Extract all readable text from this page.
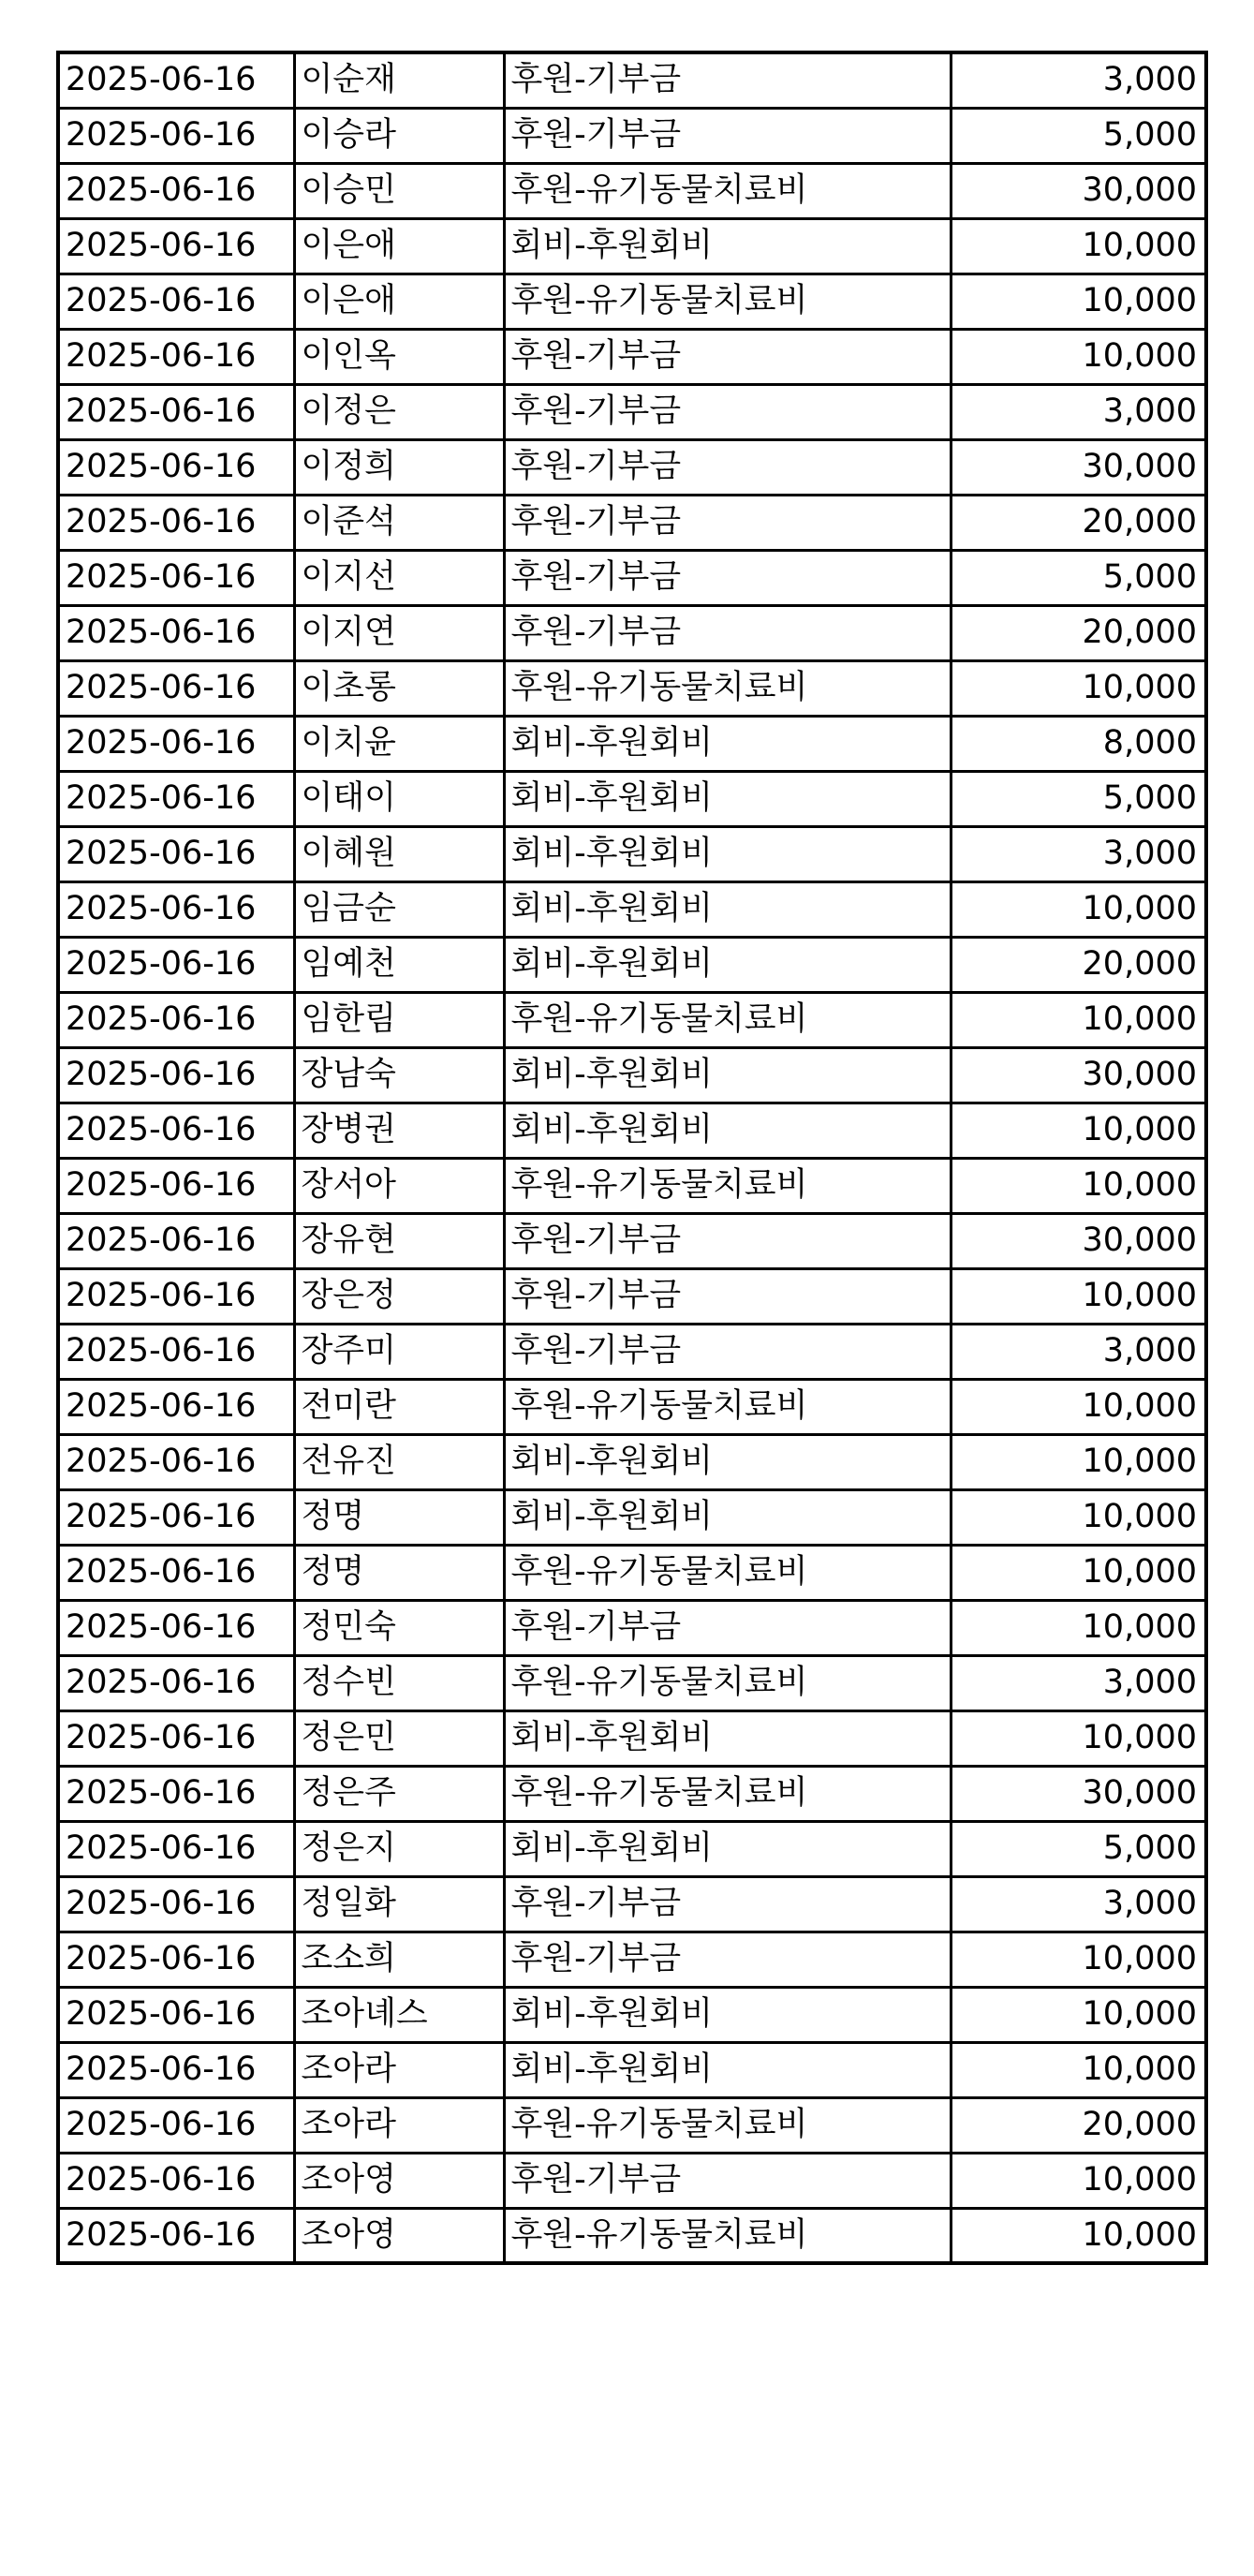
2025-06-16	이순재	후원-기부금	3,000
2025-06-16	이승라	후원-기부금	5,000
2025-06-16	이승민	후원-유기동물치료비	30,000
2025-06-16	이은애	회비-후원회비	10,000
2025-06-16	이은애	후원-유기동물치료비	10,000
2025-06-16	이인옥	후원-기부금	10,000
2025-06-16	이정은	후원-기부금	3,000
2025-06-16	이정희	후원-기부금	30,000
2025-06-16	이준석	후원-기부금	20,000
2025-06-16	이지선	후원-기부금	5,000
2025-06-16	이지연	후원-기부금	20,000
2025-06-16	이초롱	후원-유기동물치료비	10,000
2025-06-16	이치윤	회비-후원회비	8,000
2025-06-16	이태이	회비-후원회비	5,000
2025-06-16	이혜원	회비-후원회비	3,000
2025-06-16	임금순	회비-후원회비	10,000
2025-06-16	임예천	회비-후원회비	20,000
2025-06-16	임한림	후원-유기동물치료비	10,000
2025-06-16	장남숙	회비-후원회비	30,000
2025-06-16	장병권	회비-후원회비	10,000
2025-06-16	장서아	후원-유기동물치료비	10,000
2025-06-16	장유현	후원-기부금	30,000
2025-06-16	장은정	후원-기부금	10,000
2025-06-16	장주미	후원-기부금	3,000
2025-06-16	전미란	후원-유기동물치료비	10,000
2025-06-16	전유진	회비-후원회비	10,000
2025-06-16	정명	회비-후원회비	10,000
2025-06-16	정명	후원-유기동물치료비	10,000
2025-06-16	정민숙	후원-기부금	10,000
2025-06-16	정수빈	후원-유기동물치료비	3,000
2025-06-16	정은민	회비-후원회비	10,000
2025-06-16	정은주	후원-유기동물치료비	30,000
2025-06-16	정은지	회비-후원회비	5,000
2025-06-16	정일화	후원-기부금	3,000
2025-06-16	조소희	후원-기부금	10,000
2025-06-16	조아녜스	회비-후원회비	10,000
2025-06-16	조아라	회비-후원회비	10,000
2025-06-16	조아라	후원-유기동물치료비	20,000
2025-06-16	조아영	후원-기부금	10,000
2025-06-16	조아영	후원-유기동물치료비	10,000
